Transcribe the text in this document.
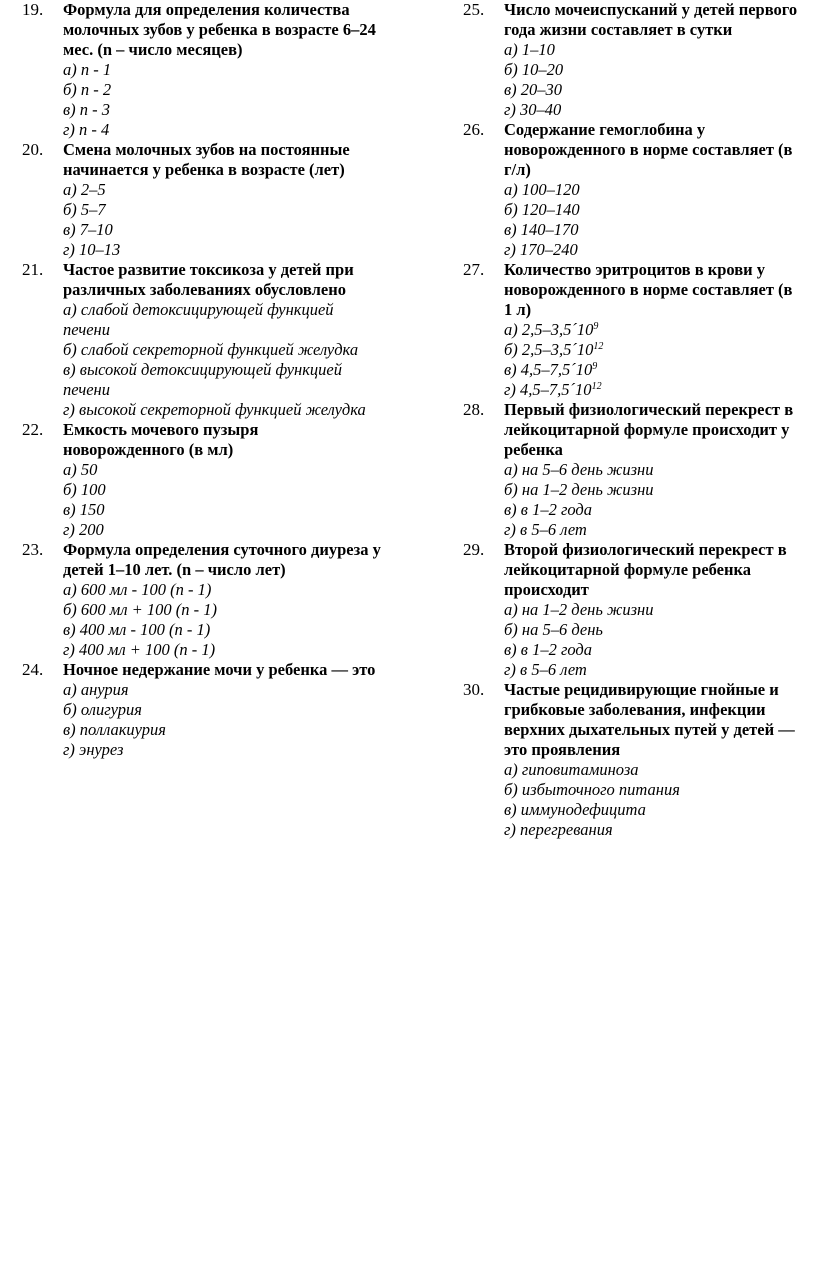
19. Формула для определения количества молочных зубов у ребенка в возрасте 6–24 мес. (n – число месяцев)
а) n - 1
б) n - 2
в) n - 3
г) n - 4
20. Смена молочных зубов на постоянные начинается у ребенка в возрасте (лет)
а) 2–5
б) 5–7
в) 7–10
г) 10–13
21. Частое развитие токсикоза у детей при различных заболеваниях обусловлено
а) слабой детоксицирующей функцией печени
б) слабой секреторной функцией желудка
в) высокой детоксицирующей функцией печени
г) высокой секреторной функцией желудка
22. Емкость мочевого пузыря новорожденного (в мл)
а) 50
б) 100
в) 150
г) 200
23. Формула определения суточного диуреза у детей 1–10 лет. (n – число лет)
а) 600 мл - 100 (n - 1)
б) 600 мл + 100 (n - 1)
в) 400 мл - 100 (n - 1)
г) 400 мл + 100 (n - 1)
24. Ночное недержание мочи у ребенка — это
а) анурия
б) олигурия
в) поллакиурия
г) энурез
25. Число мочеиспусканий у детей первого года жизни составляет в сутки
а) 1–10
б) 10–20
в) 20–30
г) 30–40
26. Содержание гемоглобина у новорожденного в норме составляет (в г/л)
а) 100–120
б) 120–140
в) 140–170
г) 170–240
27. Количество эритроцитов в крови у новорожденного в норме составляет (в 1 л)
а) $2,5-3,5´10^9$
б) $2,5-3,5´10^{12}$
в) $4,5-7,5´10^9$
г) $4,5-7,5´10^{12}$
28. Первый физиологический перекрест в лейкоцитарной формуле происходит у ребенка
а) на 5–6 день жизни
б) на 1–2 день жизни
в) в 1–2 года
г) в 5–6 лет
29. Второй физиологический перекрест в лейкоцитарной формуле ребенка происходит
а) на 1–2 день жизни
б) на 5–6 день
в) в 1–2 года
г) в 5–6 лет
30. Частые рецидивирующие гнойные и грибковые заболевания, инфекции верхних дыхательных путей у детей — это проявления
а) гиповитаминоза
б) избыточного питания
в) иммунодефицита
г) перегревания
